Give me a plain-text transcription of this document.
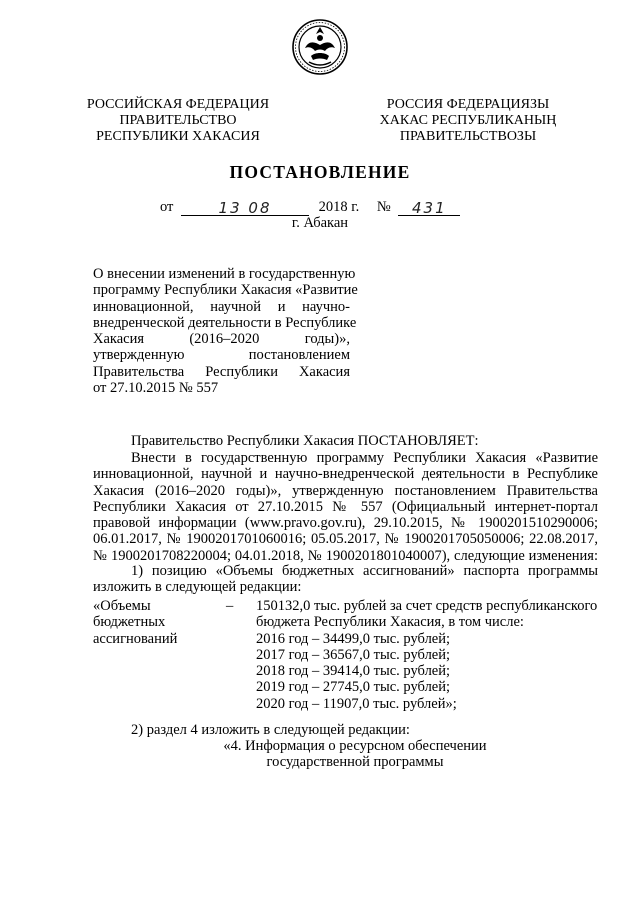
РОССИЙСКАЯ ФЕДЕРАЦИЯ
ПРАВИТЕЛЬСТВО
РЕСПУБЛИКИ ХАКАСИЯ
РОССИЯ ФЕДЕРАЦИЯЗЫ
ХАКАС РЕСПУБЛИКАНЫҢ
ПРАВИТЕЛЬСТВОЗЫ
ПОСТАНОВЛЕНИЕ
от	13 08	2018 г. № 431
г. Абакан
О внесении изменений в государственную
программу Республики Хакасия «Развитие
инновационной, научной и научно-
внедренческой деятельности в Республике
Хакасия (2016–2020 годы)»,
утвержденную постановлением
Правительства Республики Хакасия
от 27.10.2015 № 557
Правительство Республики Хакасия ПОСТАНОВЛЯЕТ:
Внести в государственную программу Республики Хакасия «Развитие
инновационной, научной и научно-внедренческой деятельности в Республике
Хакасия (2016–2020 годы)», утвержденную постановлением Правительства
Республики Хакасия от 27.10.2015 № 557 (Официальный интернет-портал
правовой информации (www.pravo.gov.ru), 29.10.2015, № 1900201510290006;
06.01.2017, № 1900201701060016; 05.05.2017, № 1900201705050006; 22.08.2017,
№ 1900201708220004; 04.01.2018, № 1900201801040007), следующие изменения:
1) позицию «Объемы бюджетных ассигнований» паспорта программы
изложить в следующей редакции:
«Объемы
бюджетных
ассигнований
– 150132,0 тыс. рублей за счет средств республиканского
бюджета Республики Хакасия, в том числе:
2016 год – 34499,0 тыс. рублей;
2017 год – 36567,0 тыс. рублей;
2018 год – 39414,0 тыс. рублей;
2019 год – 27745,0 тыс. рублей;
2020 год – 11907,0 тыс. рублей»;
2) раздел 4 изложить в следующей редакции:
«4. Информация о ресурсном обеспечении
государственной программы
